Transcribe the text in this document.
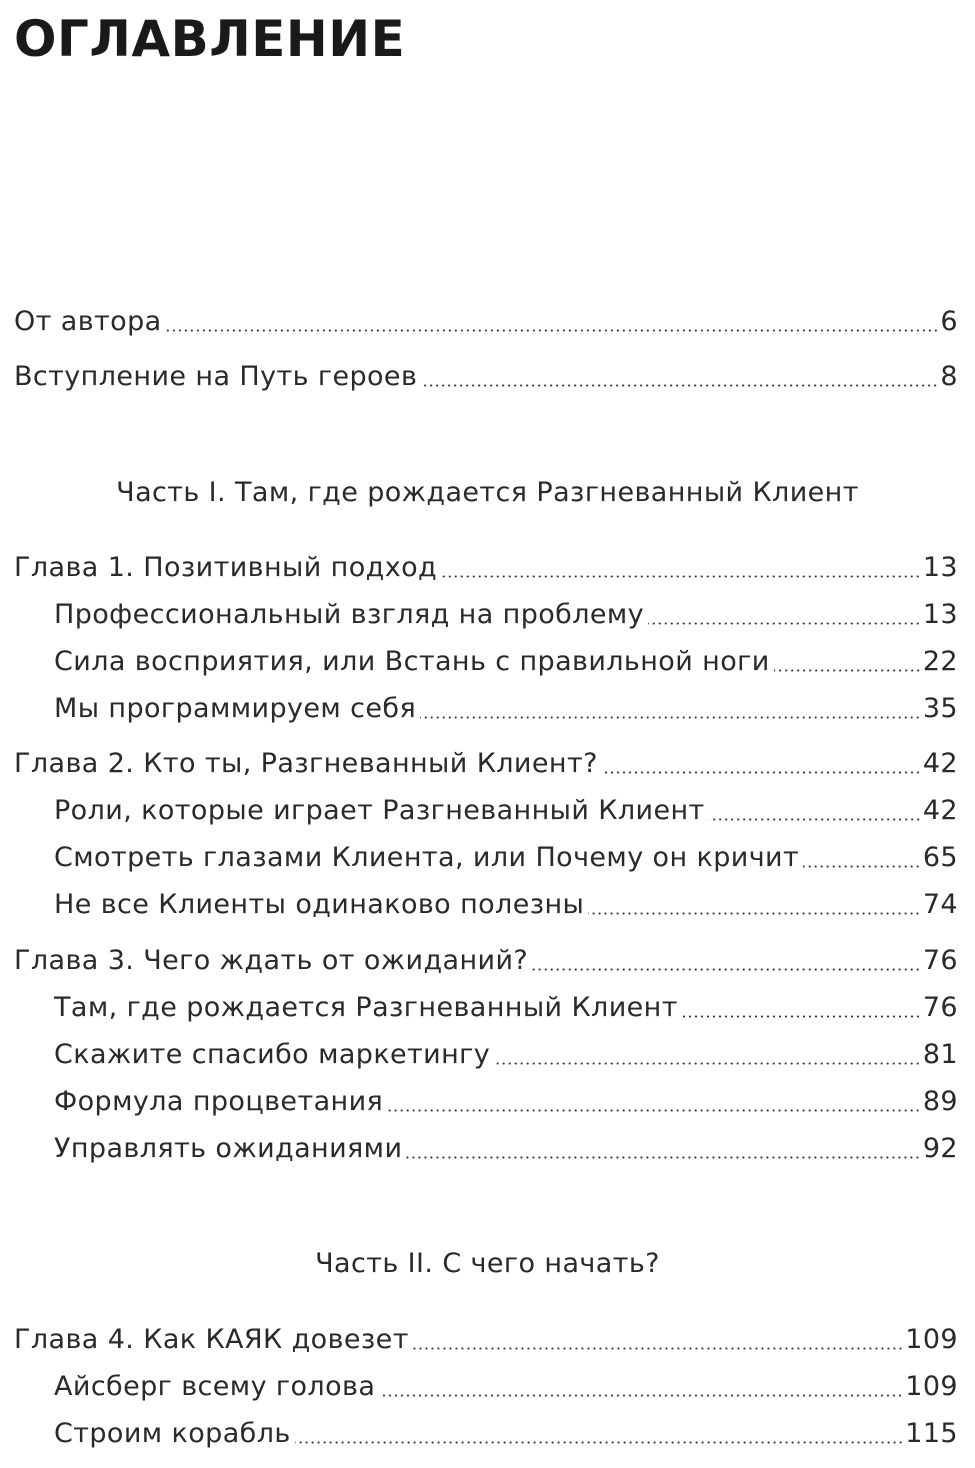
ОГЛАВЛЕНИЕ
От автора	6
Вступление на Путь героев	8
Часть I. Там, где рождается Разгневанный Клиент
Глава 1. Позитивный подход	13
Профессиональный взгляд на проблему	13
Сила восприятия, или Встань с правильной ноги	22
Мы программируем себя	35
Глава 2. Кто ты, Разгневанный Клиент?	42
Роли, которые играет Разгневанный Клиент	42
Смотреть глазами Клиента, или Почему он кричит	65
Не все Клиенты одинаково полезны	74
Глава 3. Чего ждать от ожиданий?	76
Там, где рождается Разгневанный Клиент	76
Скажите спасибо маркетингу	81
Формула процветания	89
Управлять ожиданиями	92
Часть II. С чего начать?
Глава 4. Как КАЯК довезет	109
Айсберг всему голова	109
Строим корабль	115
